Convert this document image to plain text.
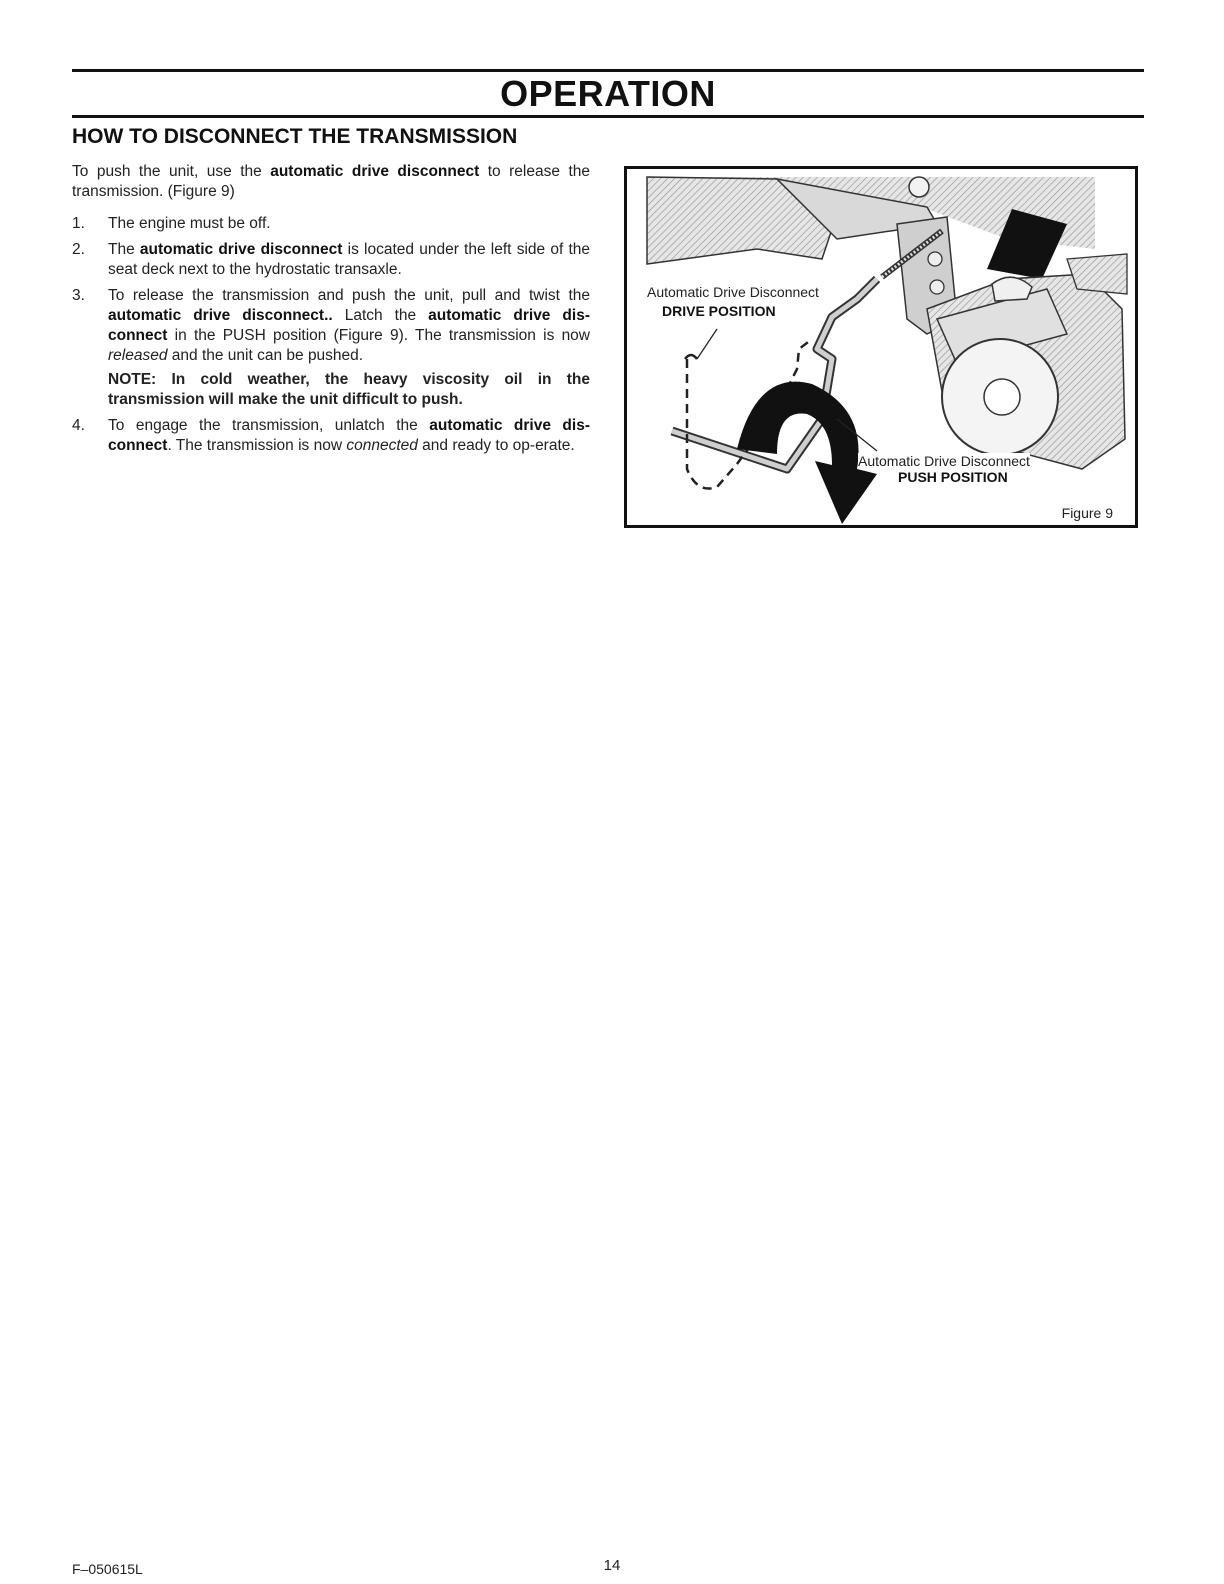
OPERATION
HOW TO DISCONNECT THE TRANSMISSION

To push the unit, use the automatic drive disconnect to release the transmission. (Figure 9)

1. The engine must be off.
2. The automatic drive disconnect is located under the left side of the seat deck next to the hydrostatic transaxle.
3. To release the transmission and push the unit, pull and twist the automatic drive disconnect.. Latch the automatic drive dis-connect in the PUSH position (Figure 9). The transmission is now released and the unit can be pushed.
NOTE: In cold weather, the heavy viscosity oil in the transmission will make the unit difficult to push.
4. To engage the transmission, unlatch the automatic drive dis-connect. The transmission is now connected and ready to op-erate.
Automatic Drive Disconnect
DRIVE POSITION
Automatic Drive Disconnect
PUSH POSITION
Figure 9
F–050615L	14
